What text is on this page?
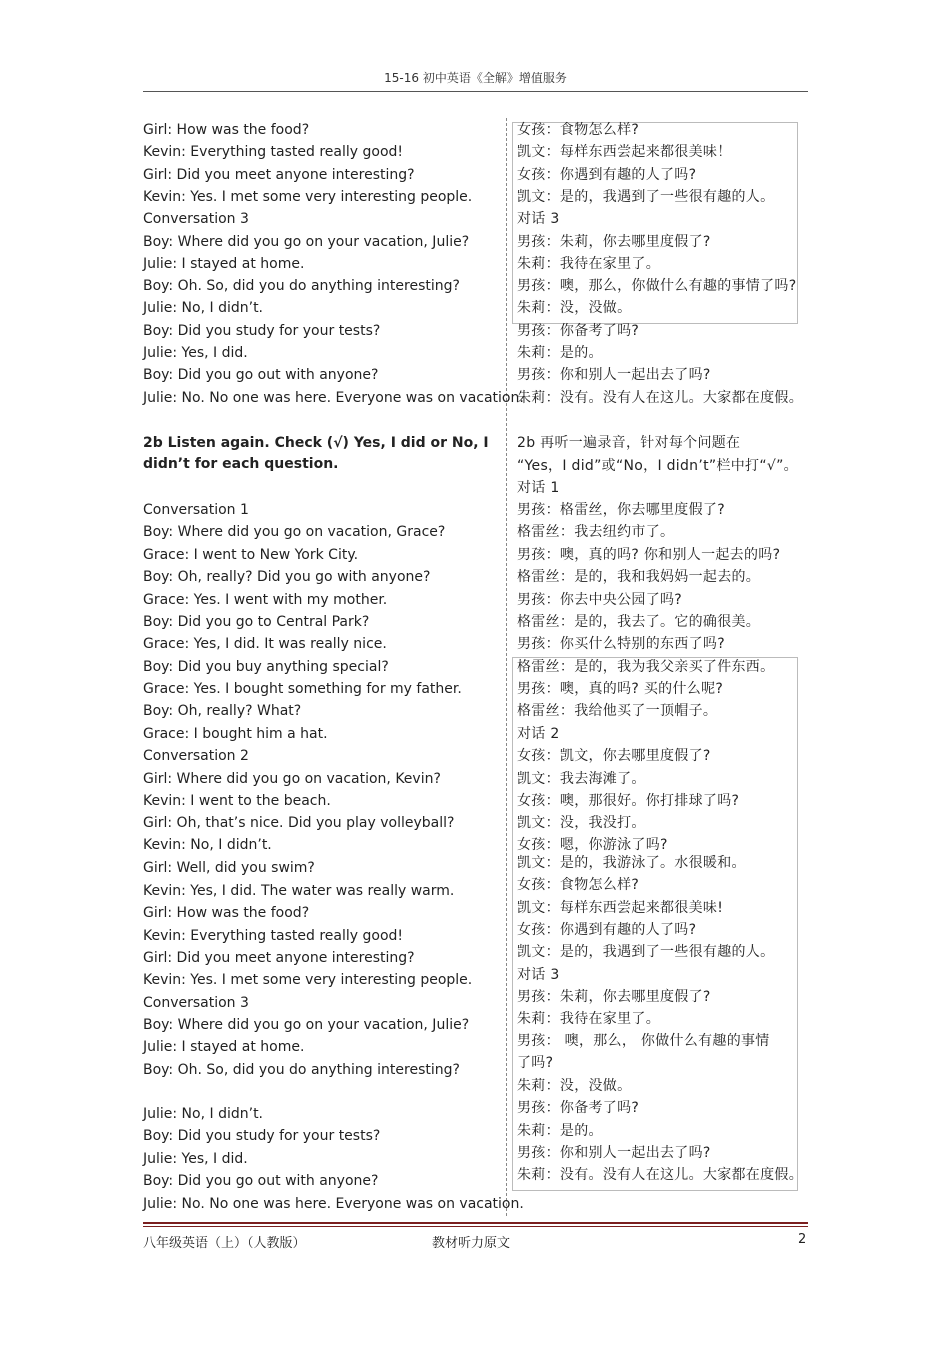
15-16 初中英语《全解》增值服务
Girl: How was the food?
Kevin: Everything tasted really good!
Girl: Did you meet anyone interesting?
Kevin: Yes. I met some very interesting people.
Conversation 3
Boy: Where did you go on your vacation, Julie?
Julie: I stayed at home.
Boy: Oh. So, did you do anything interesting?
Julie: No, I didn’t.
Boy: Did you study for your tests?
Julie: Yes, I did.
Boy: Did you go out with anyone?
Julie: No. No one was here. Everyone was on vacation.
2b Listen again. Check (√) Yes, I did or No, I
didn’t for each question.
Conversation 1
Boy: Where did you go on vacation, Grace?
Grace: I went to New York City.
Boy: Oh, really? Did you go with anyone?
Grace: Yes. I went with my mother.
Boy: Did you go to Central Park?
Grace: Yes, I did. It was really nice.
Boy: Did you buy anything special?
Grace: Yes. I bought something for my father.
Boy: Oh, really? What?
Grace: I bought him a hat.
Conversation 2
Girl: Where did you go on vacation, Kevin?
Kevin: I went to the beach.
Girl: Oh, that’s nice. Did you play volleyball?
Kevin: No, I didn’t.
Girl: Well, did you swim?
Kevin: Yes, I did. The water was really warm.
Girl: How was the food?
Kevin: Everything tasted really good!
Girl: Did you meet anyone interesting?
Kevin: Yes. I met some very interesting people.
Conversation 3
Boy: Where did you go on your vacation, Julie?
Julie: I stayed at home.
Boy: Oh. So, did you do anything interesting?
Julie: No, I didn’t.
Boy: Did you study for your tests?
Julie: Yes, I did.
Boy: Did you go out with anyone?
Julie: No. No one was here. Everyone was on vacation.
女孩：食物怎么样?
凯文：每样东西尝起来都很美味！
女孩：你遇到有趣的人了吗?
凯文：是的，我遇到了一些很有趣的人。
对话 3
男孩：朱莉，你去哪里度假了?
朱莉：我待在家里了。
男孩：噢，那么，你做什么有趣的事情了吗?
朱莉：没，没做。
男孩：你备考了吗?
朱莉：是的。
男孩：你和别人一起出去了吗?
朱莉：没有。没有人在这儿。大家都在度假。
2b 再听一遍录音，针对每个问题在
“Yes，I did”或“No，I didn’t”栏中打“√”。
对话 1
男孩：格雷丝，你去哪里度假了?
格雷丝：我去纽约市了。
男孩：噢，真的吗? 你和别人一起去的吗?
格雷丝：是的，我和我妈妈一起去的。
男孩：你去中央公园了吗?
格雷丝：是的，我去了。它的确很美。
男孩：你买什么特别的东西了吗?
格雷丝：是的，我为我父亲买了件东西。
男孩：噢，真的吗? 买的什么呢?
格雷丝：我给他买了一顶帽子。
对话 2
女孩：凯文，你去哪里度假了?
凯文：我去海滩了。
女孩：噢，那很好。你打排球了吗?
凯文：没，我没打。
女孩：嗯，你游泳了吗?
凯文：是的，我游泳了。水很暖和。
女孩：食物怎么样?
凯文：每样东西尝起来都很美味!
女孩：你遇到有趣的人了吗?
凯文：是的，我遇到了一些很有趣的人。
对话 3
男孩：朱莉，你去哪里度假了?
朱莉：我待在家里了。
男孩： 噢，那么， 你做什么有趣的事情
了吗?
朱莉：没，没做。
男孩：你备考了吗?
朱莉：是的。
男孩：你和别人一起出去了吗?
朱莉：没有。没有人在这儿。大家都在度假。
八年级英语（上）（人教版）	教材听力原文	2
